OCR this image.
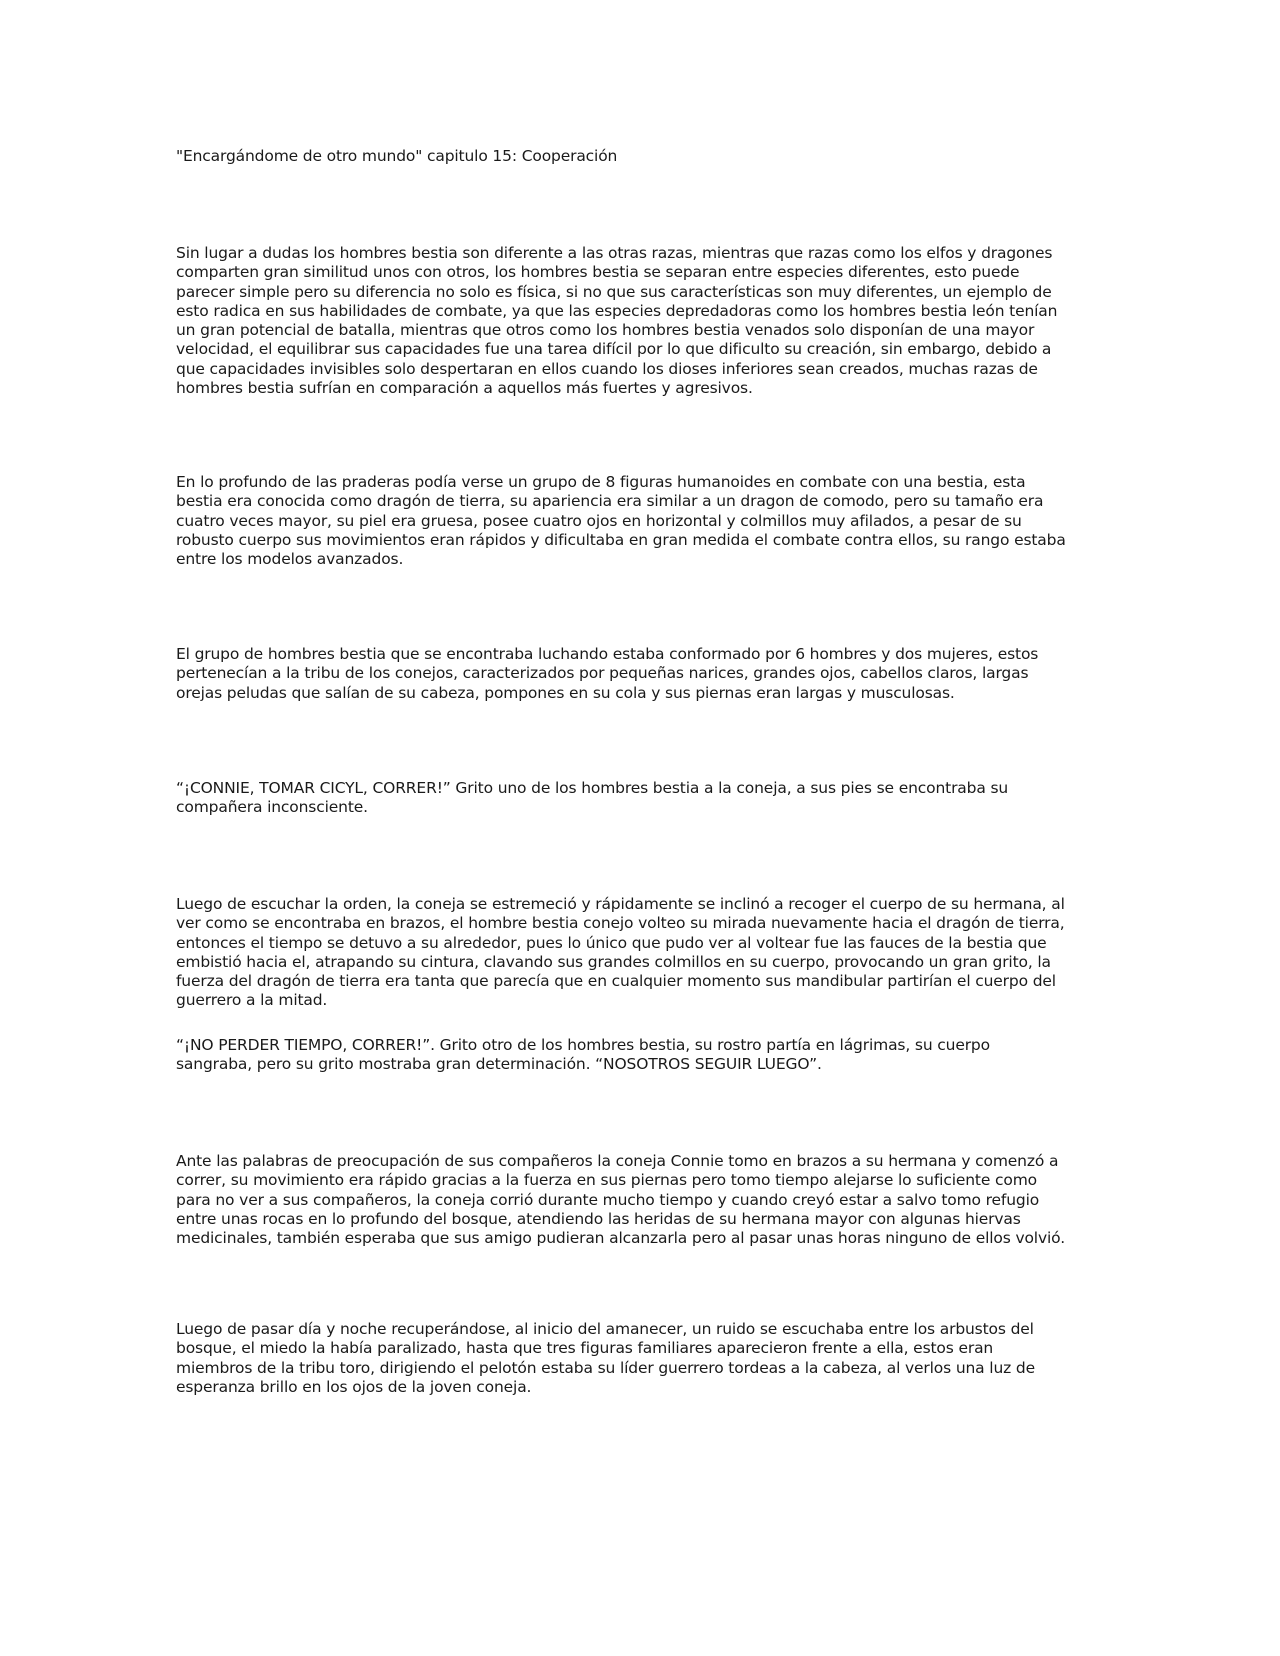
"Encargándome de otro mundo" capitulo 15: Cooperación

Sin lugar a dudas los hombres bestia son diferente a las otras razas, mientras que razas como los elfos y dragones
comparten gran similitud unos con otros, los hombres bestia se separan entre especies diferentes, esto puede
parecer simple pero su diferencia no solo es física, si no que sus características son muy diferentes, un ejemplo de
esto radica en sus habilidades de combate, ya que las especies depredadoras como los hombres bestia león tenían
un gran potencial de batalla, mientras que otros como los hombres bestia venados solo disponían de una mayor
velocidad, el equilibrar sus capacidades fue una tarea difícil por lo que dificulto su creación, sin embargo, debido a
que capacidades invisibles solo despertaran en ellos cuando los dioses inferiores sean creados, muchas razas de
hombres bestia sufrían en comparación a aquellos más fuertes y agresivos.

En lo profundo de las praderas podía verse un grupo de 8 figuras humanoides en combate con una bestia, esta
bestia era conocida como dragón de tierra, su apariencia era similar a un dragon de comodo, pero su tamaño era
cuatro veces mayor, su piel era gruesa, posee cuatro ojos en horizontal y colmillos muy afilados, a pesar de su
robusto cuerpo sus movimientos eran rápidos y dificultaba en gran medida el combate contra ellos, su rango estaba
entre los modelos avanzados.

El grupo de hombres bestia que se encontraba luchando estaba conformado por 6 hombres y dos mujeres, estos
pertenecían a la tribu de los conejos, caracterizados por pequeñas narices, grandes ojos, cabellos claros, largas
orejas peludas que salían de su cabeza, pompones en su cola y sus piernas eran largas y musculosas.

“¡CONNIE, TOMAR CICYL, CORRER!” Grito uno de los hombres bestia a la coneja, a sus pies se encontraba su
compañera inconsciente.

Luego de escuchar la orden, la coneja se estremeció y rápidamente se inclinó a recoger el cuerpo de su hermana, al
ver como se encontraba en brazos, el hombre bestia conejo volteo su mirada nuevamente hacia el dragón de tierra,
entonces el tiempo se detuvo a su alrededor, pues lo único que pudo ver al voltear fue las fauces de la bestia que
embistió hacia el, atrapando su cintura, clavando sus grandes colmillos en su cuerpo, provocando un gran grito, la
fuerza del dragón de tierra era tanta que parecía que en cualquier momento sus mandibular partirían el cuerpo del
guerrero a la mitad.

“¡NO PERDER TIEMPO, CORRER!”. Grito otro de los hombres bestia, su rostro partía en lágrimas, su cuerpo
sangraba, pero su grito mostraba gran determinación. “NOSOTROS SEGUIR LUEGO”.

Ante las palabras de preocupación de sus compañeros la coneja Connie tomo en brazos a su hermana y comenzó a
correr, su movimiento era rápido gracias a la fuerza en sus piernas pero tomo tiempo alejarse lo suficiente como
para no ver a sus compañeros, la coneja corrió durante mucho tiempo y cuando creyó estar a salvo tomo refugio
entre unas rocas en lo profundo del bosque, atendiendo las heridas de su hermana mayor con algunas hiervas
medicinales, también esperaba que sus amigo pudieran alcanzarla pero al pasar unas horas ninguno de ellos volvió.

Luego de pasar día y noche recuperándose, al inicio del amanecer, un ruido se escuchaba entre los arbustos del
bosque, el miedo la había paralizado, hasta que tres figuras familiares aparecieron frente a ella, estos eran
miembros de la tribu toro, dirigiendo el pelotón estaba su líder guerrero tordeas a la cabeza, al verlos una luz de
esperanza brillo en los ojos de la joven coneja.
